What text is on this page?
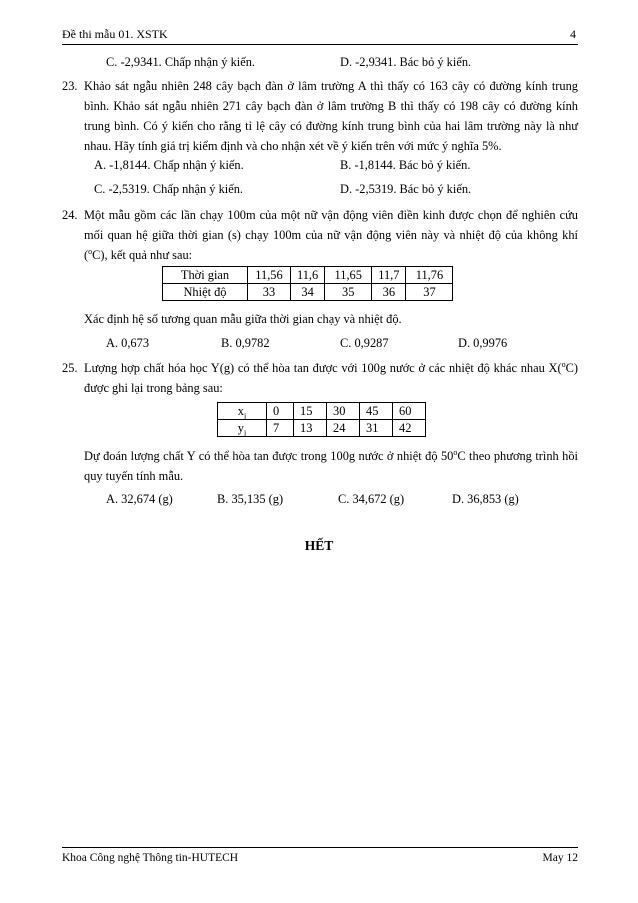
Đề thi mẫu 01. XSTK	4
C. -2,9341. Chấp nhận ý kiến.	D. -2,9341. Bác bỏ ý kiến.
23. Khảo sát ngẫu nhiên 248 cây bạch đàn ở lâm trường A thì thấy có 163 cây có đường kính trung bình. Khảo sát ngẫu nhiên 271 cây bạch đàn ở lâm trường B thì thấy có 198 cây có đường kính trung bình. Có ý kiến cho rằng tỉ lệ cây có đường kính trung bình của hai lâm trường này là như nhau. Hãy tính giá trị kiểm định và cho nhận xét về ý kiến trên với mức ý nghĩa 5%.
A. -1,8144. Chấp nhận ý kiến.	B. -1,8144. Bác bỏ ý kiến.
C. -2,5319. Chấp nhận ý kiến.	D. -2,5319. Bác bỏ ý kiến.
24. Một mẫu gồm các lần chạy 100m của một nữ vận động viên điền kinh được chọn để nghiên cứu mối quan hệ giữa thời gian (s) chạy 100m của nữ vận động viên này và nhiệt độ của không khí ($^o$C), kết quả như sau:
Thời gian	11,56	11,6	11,65	11,7	11,76
Nhiệt độ	33	34	35	36	37
Xác định hệ số tương quan mẫu giữa thời gian chạy và nhiệt độ.
A. 0,673	B. 0,9782	C. 0,9287	D. 0,9976
25. Lượng hợp chất hóa học Y(g) có thể hòa tan được với 100g nước ở các nhiệt độ khác nhau X($^o$C) được ghi lại trong bảng sau:
$x_i$	0	15	30	45	60
$y_i$	7	13	24	31	42
Dự đoán lượng chất Y có thể hòa tan được trong 100g nước ở nhiệt độ 50$^o$C theo phương trình hồi quy tuyến tính mẫu.
A. 32,674 (g)	B. 35,135 (g)	C. 34,672 (g)	D. 36,853 (g)
HẾT
Khoa Công nghệ Thông tin-HUTECH	May 12
